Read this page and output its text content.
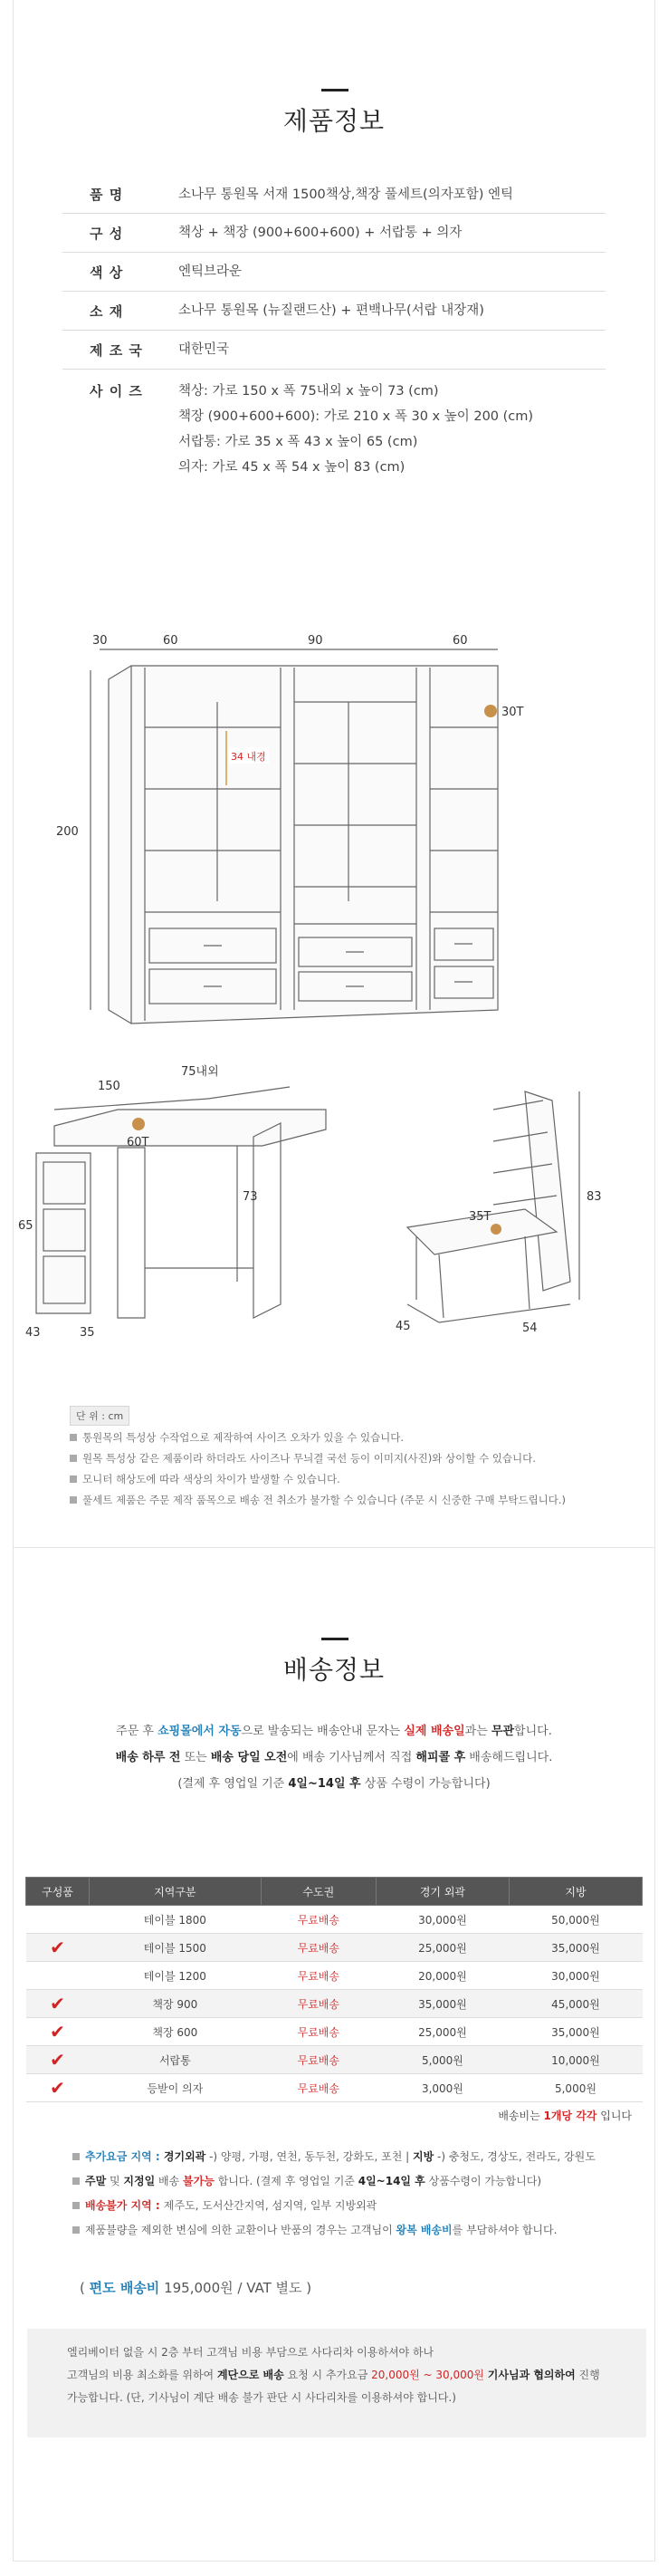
제품정보
품 명	소나무 통원목 서재 1500책상,책장 풀세트(의자포함) 엔틱
구 성	책상 + 책장 (900+600+600) + 서랍통 + 의자
색 상	엔틱브라운
소 재	소나무 통원목 (뉴질랜드산) + 편백나무(서랍 내장재)
제 조 국	대한민국
사 이 즈	책상: 가로 150 x 폭 75내외 x 높이 73 (cm)
책장 (900+600+600): 가로 210 x 폭 30 x 높이 200 (cm)
서랍통: 가로 35 x 폭 43 x 높이 65 (cm)
의자: 가로 45 x 폭 54 x 높이 83 (cm)
34 내경
30	60	90	60
200
30T
150
75내외
60T
73
65
43	35
35T
83
45	54
단 위 : cm
통원목의 특성상 수작업으로 제작하여 사이즈 오차가 있을 수 있습니다.
원목 특성상 같은 제품이라 하더라도 사이즈나 무늬결 국선 등이 이미지(사진)와 상이할 수 있습니다.
모니터 해상도에 따라 색상의 차이가 발생할 수 있습니다.
풀세트 제품은 주문 제작 품목으로 배송 전 취소가 불가할 수 있습니다 (주문 시 신중한 구매 부탁드립니다.)
배송정보
주문 후 쇼핑몰에서 자동으로 발송되는 배송안내 문자는 실제 배송일과는 무관합니다.
배송 하루 전 또는 배송 당일 오전에 배송 기사님께서 직접 해피콜 후 배송해드립니다.
(결제 후 영업일 기준 4일~14일 후 상품 수령이 가능합니다)
구성품	지역구분	수도권	경기 외곽	지방
	테이블 1800	무료배송	30,000원	50,000원
✔	테이블 1500	무료배송	25,000원	35,000원
	테이블 1200	무료배송	20,000원	30,000원
✔	책장 900	무료배송	35,000원	45,000원
✔	책장 600	무료배송	25,000원	35,000원
✔	서랍통	무료배송	5,000원	10,000원
✔	등받이 의자	무료배송	3,000원	5,000원
배송비는 1개당 각각 입니다
추가요금 지역 : 경기외곽 -) 양평, 가평, 연천, 동두천, 강화도, 포천 | 지방 -) 충청도, 경상도, 전라도, 강원도
주말 및 지정일 배송 불가능 합니다. (결제 후 영업일 기준 4일~14일 후 상품수령이 가능합니다)
배송불가 지역 : 제주도, 도서산간지역, 섬지역, 일부 지방외곽
제품불량을 제외한 변심에 의한 교환이나 반품의 경우는 고객님이 왕복 배송비를 부담하셔야 합니다.
( 편도 배송비 195,000원 / VAT 별도 )

엘리베이터 없을 시 2층 부터 고객님 비용 부담으로 사다리차 이용하셔야 하나

고객님의 비용 최소화를 위하여 계단으로 배송 요청 시 추가요금 20,000원 ~ 30,000원 기사님과 협의하여 진행

가능합니다. (단, 기사님이 계단 배송 불가 판단 시 사다리차를 이용하셔야 합니다.)
